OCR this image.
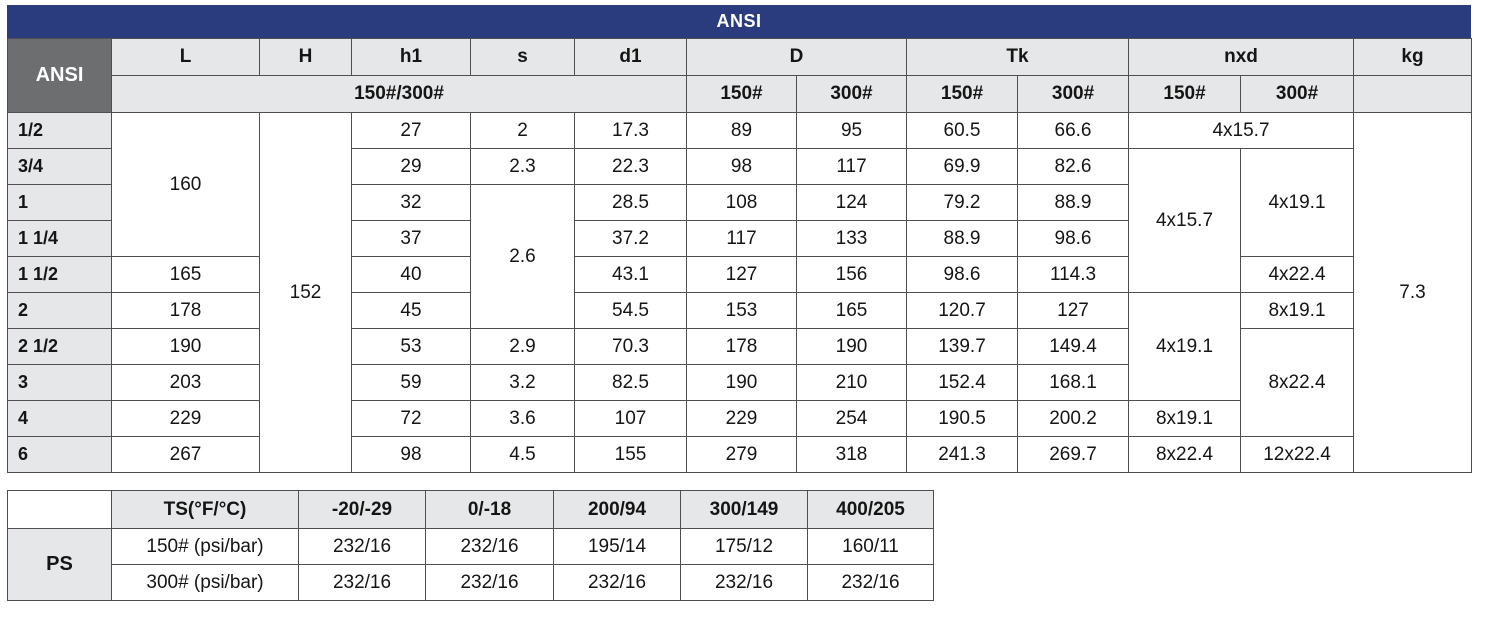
ANSI
ANSI	L	H	h1	s	d1	D		Tk		nxd		kg
	150#/300#					150#	300#	150#	300#	150#	300#	
1/2	160	152	27	2	17.3	89	95	60.5	66.6	4x15.7		7.3
3/4			29	2.3	22.3	98	117	69.9	82.6	4x15.7	4x19.1	
1			32	2.6	28.5	108	124	79.2	88.9			
1 1/4			37		37.2	117	133	88.9	98.6			
1 1/2	165		40		43.1	127	156	98.6	114.3		4x22.4	
2	178		45		54.5	153	165	120.7	127	4x19.1	8x19.1	
2 1/2	190		53	2.9	70.3	178	190	139.7	149.4		8x22.4	
3	203		59	3.2	82.5	190	210	152.4	168.1			
4	229		72	3.6	107	229	254	190.5	200.2	8x19.1		
6	267		98	4.5	155	279	318	241.3	269.7	8x22.4	12x22.4	
	TS(°F/°C)	-20/-29	0/-18	200/94	300/149	400/205
PS	150# (psi/bar)	232/16	232/16	195/14	175/12	160/11
	300# (psi/bar)	232/16	232/16	232/16	232/16	232/16
